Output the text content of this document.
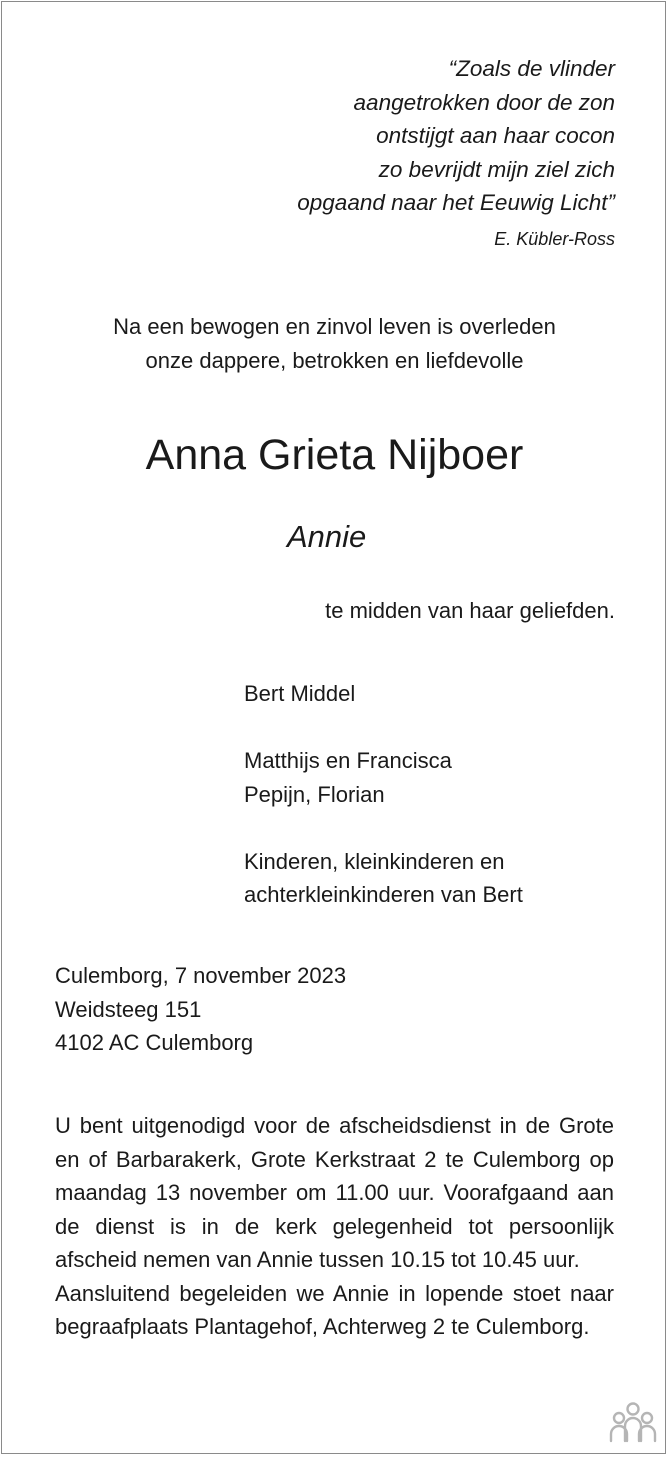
“Zoals de vlinder
aangetrokken door de zon
ontstijgt aan haar cocon
zo bevrijdt mijn ziel zich
opgaand naar het Eeuwig Licht”
E. Kübler-Ross
Na een bewogen en zinvol leven is overleden
onze dappere, betrokken en liefdevolle
Anna Grieta Nijboer
Annie
te midden van haar geliefden.
Bert Middel
Matthijs en Francisca
Pepijn, Florian
Kinderen, kleinkinderen en
achterkleinkinderen van Bert
Culemborg, 7 november 2023
Weidsteeg 151
4102 AC Culemborg

U bent uitgenodigd voor de afscheidsdienst in de Grote en of Barbarakerk, Grote Kerkstraat 2 te Culemborg op maandag 13 november om 11.00 uur. Voorafgaand aan de dienst is in de kerk gelegenheid tot persoonlijk afscheid nemen van Annie tussen 10.15 tot 10.45 uur.

Aansluitend begeleiden we Annie in lopende stoet naar begraafplaats Plantagehof, Achterweg 2 te Culemborg.
